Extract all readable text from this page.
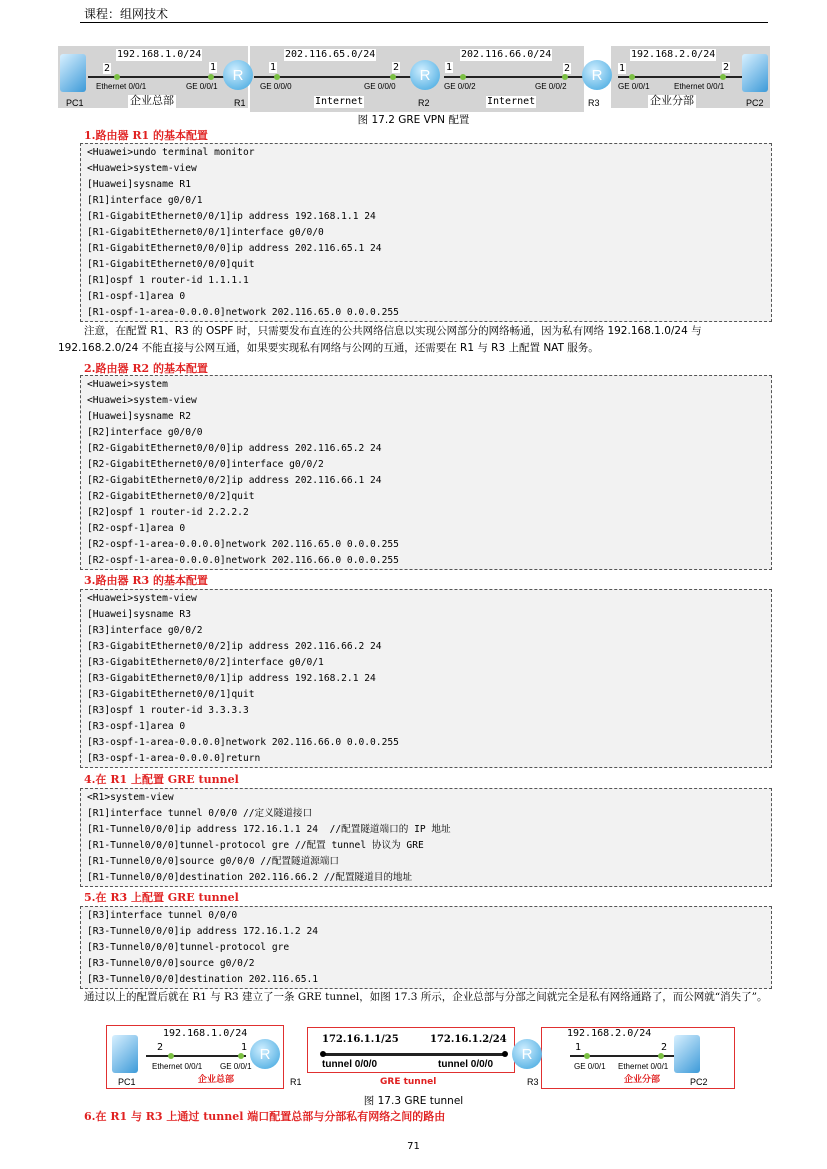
课程：组网技术
R	R	R
192.168.1.0/24	202.116.65.0/24	202.116.66.0/24	192.168.2.0/24
2	1	1	2	1	2	1	2
Ethernet 0/0/1	GE 0/0/1	GE 0/0/0	GE 0/0/0	GE 0/0/2	GE 0/0/2	GE 0/0/1	Ethernet 0/0/1
PC1	R1	R2	R3	PC2
企业总部	Internet	Internet	企业分部
图 17.2 GRE VPN 配置
1.路由器 R1 的基本配置
<Huawei>undo terminal monitor
<Huawei>system-view
[Huawei]sysname R1
[R1]interface g0/0/1
[R1-GigabitEthernet0/0/1]ip address 192.168.1.1 24
[R1-GigabitEthernet0/0/1]interface g0/0/0
[R1-GigabitEthernet0/0/0]ip address 202.116.65.1 24
[R1-GigabitEthernet0/0/0]quit
[R1]ospf 1 router-id 1.1.1.1
[R1-ospf-1]area 0
[R1-ospf-1-area-0.0.0.0]network 202.116.65.0 0.0.0.255
注意，在配置 R1、R3 的 OSPF 时，只需要发布直连的公共网络信息以实现公网部分的网络畅通，因为私有网络 192.168.1.0/24 与 192.168.2.0/24 不能直接与公网互通，如果要实现私有网络与公网的互通，还需要在 R1 与 R3 上配置 NAT 服务。
2.路由器 R2 的基本配置
<Huawei>system
<Huawei>system-view
[Huawei]sysname R2
[R2]interface g0/0/0
[R2-GigabitEthernet0/0/0]ip address 202.116.65.2 24
[R2-GigabitEthernet0/0/0]interface g0/0/2
[R2-GigabitEthernet0/0/2]ip address 202.116.66.1 24
[R2-GigabitEthernet0/0/2]quit
[R2]ospf 1 router-id 2.2.2.2
[R2-ospf-1]area 0
[R2-ospf-1-area-0.0.0.0]network 202.116.65.0 0.0.0.255
[R2-ospf-1-area-0.0.0.0]network 202.116.66.0 0.0.0.255
3.路由器 R3 的基本配置
<Huawei>system-view
[Huawei]sysname R3
[R3]interface g0/0/2
[R3-GigabitEthernet0/0/2]ip address 202.116.66.2 24
[R3-GigabitEthernet0/0/2]interface g0/0/1
[R3-GigabitEthernet0/0/1]ip address 192.168.2.1 24
[R3-GigabitEthernet0/0/1]quit
[R3]ospf 1 router-id 3.3.3.3
[R3-ospf-1]area 0
[R3-ospf-1-area-0.0.0.0]network 202.116.66.0 0.0.0.255
[R3-ospf-1-area-0.0.0.0]return
4.在 R1 上配置 GRE tunnel
<R1>system-view
[R1]interface tunnel 0/0/0 //定义隧道接口
[R1-Tunnel0/0/0]ip address 172.16.1.1 24  //配置隧道端口的 IP 地址
[R1-Tunnel0/0/0]tunnel-protocol gre //配置 tunnel 协议为 GRE
[R1-Tunnel0/0/0]source g0/0/0 //配置隧道源端口
[R1-Tunnel0/0/0]destination 202.116.66.2 //配置隧道目的地址
5.在 R3 上配置 GRE tunnel
[R3]interface tunnel 0/0/0
[R3-Tunnel0/0/0]ip address 172.16.1.2 24
[R3-Tunnel0/0/0]tunnel-protocol gre
[R3-Tunnel0/0/0]source g0/0/2
[R3-Tunnel0/0/0]destination 202.116.65.1
通过以上的配置后就在 R1 与 R3 建立了一条 GRE tunnel，如图 17.3 所示，企业总部与分部之间就完全是私有网络通路了，而公网就“消失了”。
R	R
192.168.1.0/24	192.168.2.0/24
172.16.1.1/25	172.16.1.2/24
tunnel 0/0/0	tunnel 0/0/0
2	1	1	2
Ethernet 0/0/1 GE 0/0/1	GE 0/0/1 Ethernet 0/0/1
PC1	R1	R3	PC2
企业总部	GRE tunnel	企业分部
图 17.3 GRE tunnel
6.在 R1 与 R3 上通过 tunnel 端口配置总部与分部私有网络之间的路由
71
